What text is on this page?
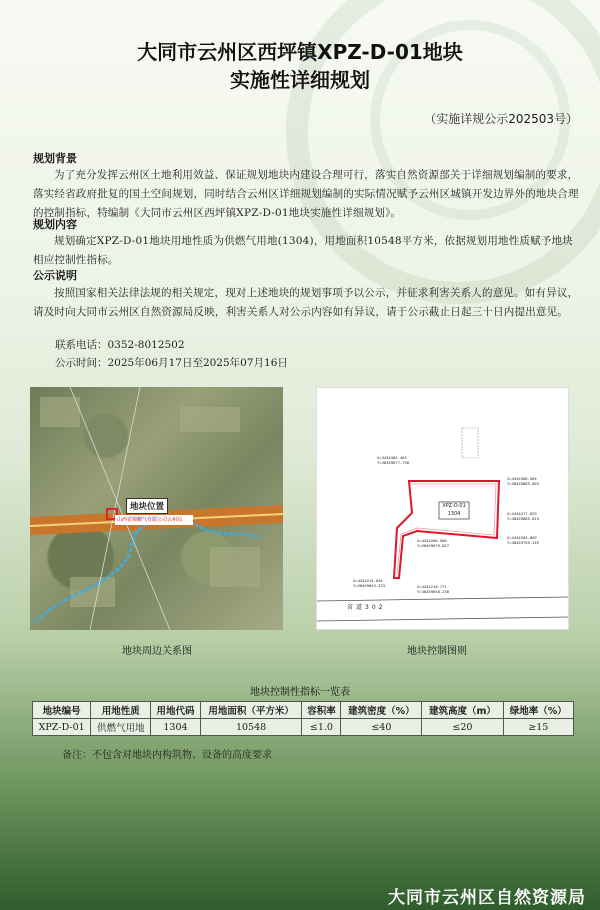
大同市云州区西坪镇XPZ-D-01地块
实施性详细规划
（实施详规公示202503号）
规划背景
为了充分发挥云州区土地利用效益、保证规划地块内建设合理可行，落实自然资源部关于详细规划编制的要求，落实经省政府批复的国土空间规划，同时结合云州区详细规划编制的实际情况赋予云州区城镇开发边界外的地块合理的控制指标，特编制《大同市云州区西坪镇XPZ-D-01地块实施性详细规划》。
规划内容
规划确定XPZ-D-01地块用地性质为供燃气用地(1304)，用地面积10548平方米，依据规划用地性质赋予地块相应控制性指标。
公示说明
按照国家相关法律法规的相关规定，现对上述地块的规划事项予以公示，并征求利害关系人的意见。如有异议，请及时向大同市云州区自然资源局反映，利害关系人对公示内容如有异议，请于公示截止日起三十日内提出意见。
联系电话：0352-8012502
公示时间：2025年06月17日至2025年07月16日
地块位置
山西省锦鹏气有限公司云州局
地块周边关系图
XPZ-D-01
1304
省道302
X=4434302.463
Y=38459677.798
X=4434300.364
Y=38459885.063
X=4434217.829
Y=38459885.015
X=4434203.869
Y=38459795.149
X=4434200.586
Y=38459679.827
X=4434214.036
Y=38459643.333	X=4434210.771
Y=38459658.230
地块控制图则
地块控制性指标一览表
地块编号	用地性质	用地代码	用地面积（平方米）	容积率	建筑密度（%）	建筑高度（m）	绿地率（%）
XPZ-D-01	供燃气用地	1304	10548	≤1.0	≤40	≤20	≥15
备注：不包含对地块内构筑物、设备的高度要求
大同市云州区自然资源局
